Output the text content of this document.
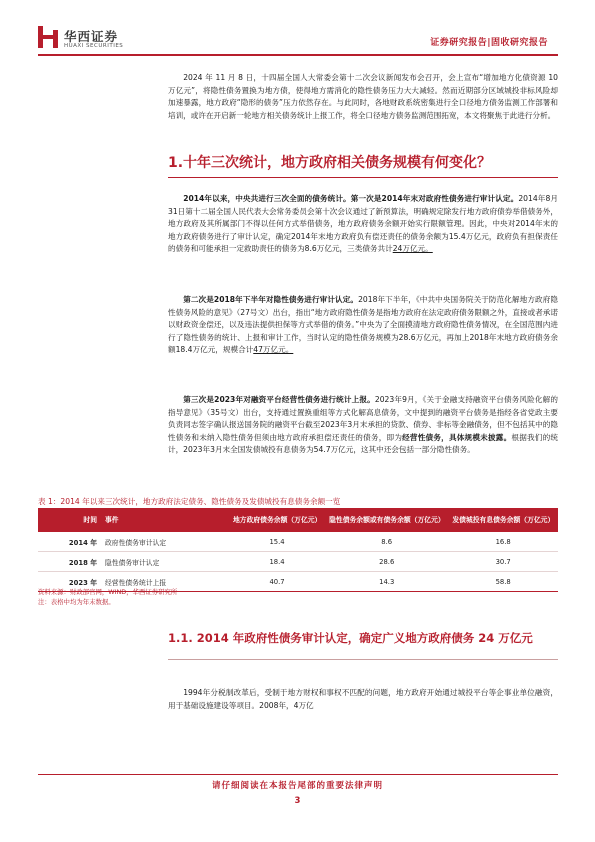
华西证券
HUAXI SECURITIES	证券研究报告|固收研究报告
2024 年 11 月 8 日，十四届全国人大常委会第十二次会议新闻发布会召开，会上宣布“增加地方化债资源 10 万亿元”，将隐性债务置换为地方债，使得地方需消化的隐性债务压力大大减轻。然而近期部分区域城投非标风险却加速暴露，地方政府“隐形的债务”压力依然存在。与此同时，各地财政系统密集进行全口径地方债务监测工作部署和培训，或许在开启新一轮地方相关债务统计上报工作，将全口径地方债务监测范围拓宽，本文将聚焦于此进行分析。
1.十年三次统计，地方政府相关债务规模有何变化？
2014年以来，中央共进行三次全面的债务统计。第一次是2014年末对政府性债务进行审计认定。2014年8月31日第十二届全国人民代表大会常务委员会第十次会议通过了新预算法，明确规定除发行地方政府债券举借债务外，地方政府及其所属部门不得以任何方式举借债务，地方政府债务余额开始实行限额管理。因此，中央对2014年末的地方政府债务进行了审计认定，确定2014年末地方政府负有偿还责任的债务余额为15.4万亿元，政府负有担保责任的债务和可能承担一定救助责任的债务为8.6万亿元，三类债务共计24万亿元。
第二次是2018年下半年对隐性债务进行审计认定。2018年下半年，《中共中央国务院关于防范化解地方政府隐性债务风险的意见》（27号文）出台，指出“地方政府隐性债务是指地方政府在法定政府债务限额之外，直接或者承诺以财政资金偿还，以及违法提供担保等方式举借的债务。”中央为了全面摸清地方政府隐性债务情况，在全国范围内进行了隐性债务的统计、上报和审计工作，当时认定的隐性债务规模为28.6万亿元，再加上2018年末地方政府债务余额18.4万亿元，规模合计47万亿元。
第三次是2023年对融资平台经营性债务进行统计上报。2023年9月，《关于金融支持融资平台债务风险化解的指导意见》（35号文）出台，支持通过置换重组等方式化解高息债务，文中提到的融资平台债务是指经各省党政主要负责同志签字确认报送国务院的融资平台截至2023年3月末承担的贷款、债券、非标等金融债务，但不包括其中的隐性债务和未纳入隐性债务但须由地方政府承担偿还责任的债务，即为经营性债务，具体规模未披露。根据我们的统计，2023年3月末全国发债城投有息债务为54.7万亿元，这其中还会包括一部分隐性债务。
表 1：2014 年以来三次统计，地方政府法定债务、隐性债务及发债城投有息债务余额一览
时间	事件	地方政府债务余额（万亿元）	隐性债务余额或有债务余额（万亿元）	发债城投有息债务余额（万亿元）
2014 年	政府性债务审计认定	15.4	8.6	16.8
2018 年	隐性债务审计认定	18.4	28.6	30.7
2023 年	经营性债务统计上报	40.7	14.3	58.8
资料来源：财政部官网，WIND，华西证券研究所
注：表格中均为年末数据。
1.1. 2014 年政府性债务审计认定，确定广义地方政府债务 24 万亿元
1994年分税制改革后，受制于地方财权和事权不匹配的问题，地方政府开始通过城投平台等企事业单位融资，用于基础设施建设等项目。2008年，4万亿
请仔细阅读在本报告尾部的重要法律声明
3
